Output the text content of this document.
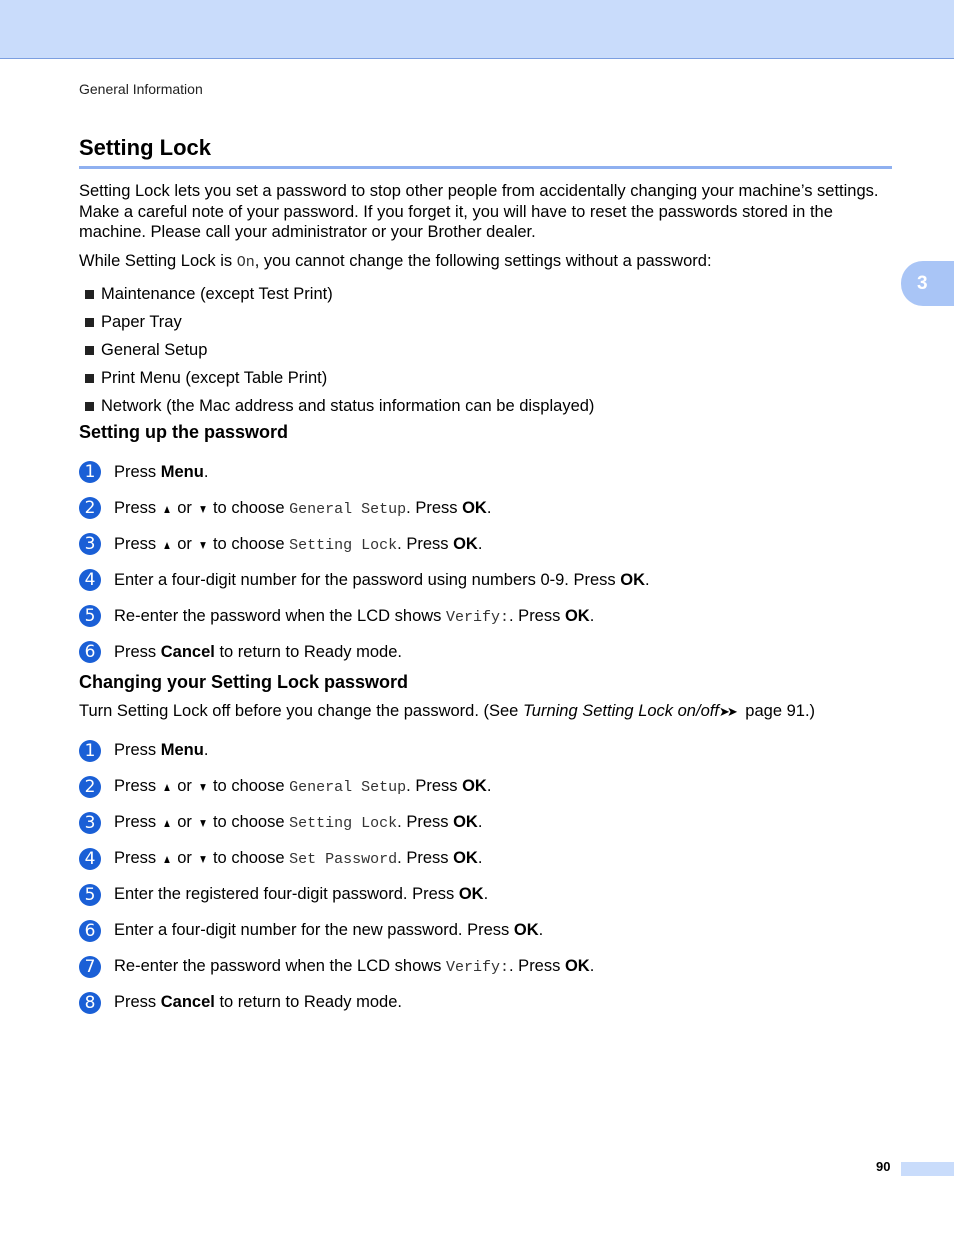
General Information
3
Setting Lock

Setting Lock lets you set a password to stop other people from accidentally changing your machine’s settings. Make a careful note of your password. If you forget it, you will have to reset the passwords stored in the machine. Please call your administrator or your Brother dealer.

While Setting Lock is On, you cannot change the following settings without a password:

Maintenance (except Test Print)
Paper Tray
General Setup
Print Menu (except Table Print)
Network (the Mac address and status information can be displayed)
Setting up the password
1	Press Menu.
2	Press ▲ or ▼ to choose General Setup. Press OK.
3	Press ▲ or ▼ to choose Setting Lock. Press OK.
4	Enter a four-digit number for the password using numbers 0-9. Press OK.
5	Re-enter the password when the LCD shows Verify:. Press OK.
6	Press Cancel to return to Ready mode.
Changing your Setting Lock password

Turn Setting Lock off before you change the password. (See Turning Setting Lock on/off➤➤ page 91.)

1	Press Menu.
2	Press ▲ or ▼ to choose General Setup. Press OK.
3	Press ▲ or ▼ to choose Setting Lock. Press OK.
4	Press ▲ or ▼ to choose Set Password. Press OK.
5	Enter the registered four-digit password. Press OK.
6	Enter a four-digit number for the new password. Press OK.
7	Re-enter the password when the LCD shows Verify:. Press OK.
8	Press Cancel to return to Ready mode.
90
